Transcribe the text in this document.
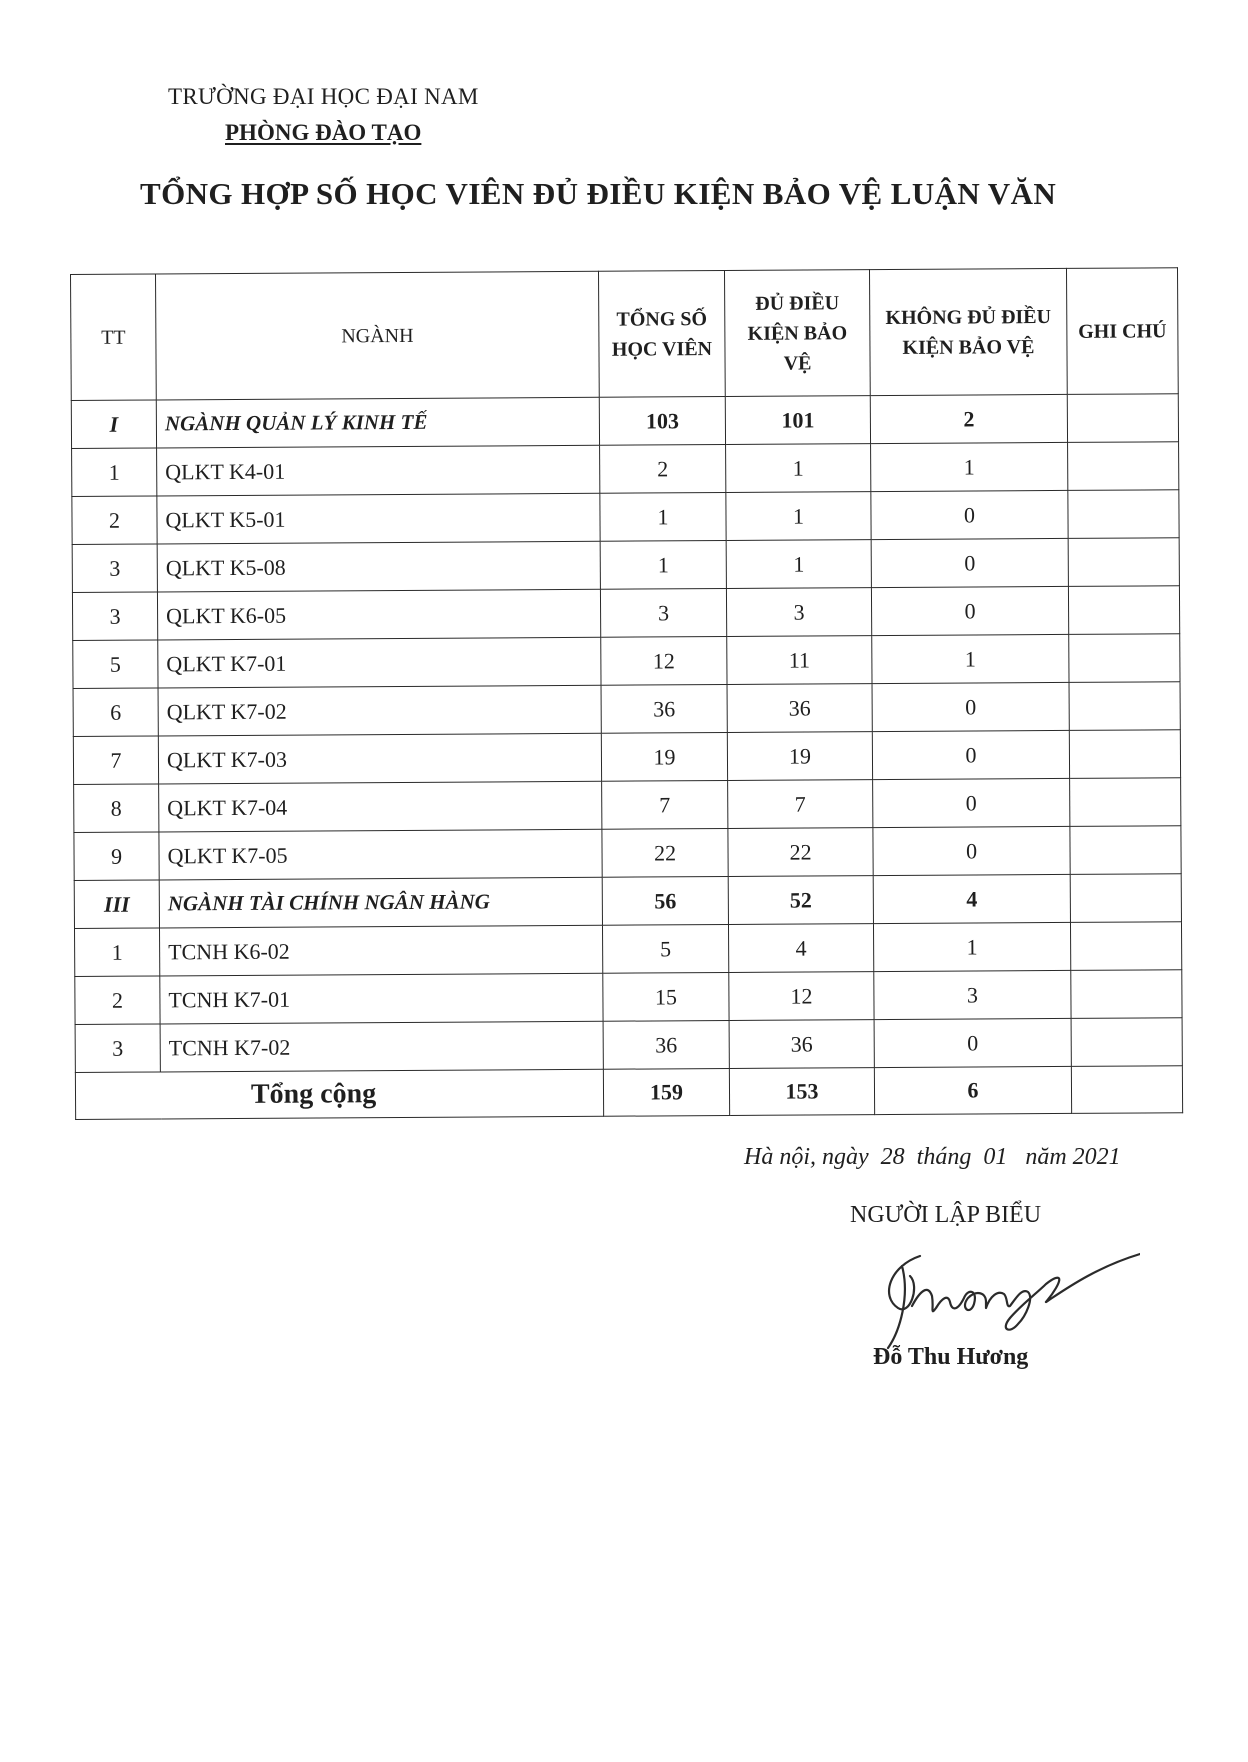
TRƯỜNG ĐẠI HỌC ĐẠI NAM
PHÒNG ĐÀO TẠO
TỔNG HỢP SỐ HỌC VIÊN ĐỦ ĐIỀU KIỆN BẢO VỆ LUẬN VĂN
TT	NGÀNH	TỔNG SỐ HỌC VIÊN	ĐỦ ĐIỀU KIỆN BẢO VỆ	KHÔNG ĐỦ ĐIỀU KIỆN BẢO VỆ	GHI CHÚ
I	NGÀNH QUẢN LÝ KINH TẾ	103	101	2	
1	QLKT K4-01	2	1	1	
2	QLKT K5-01	1	1	0	
3	QLKT K5-08	1	1	0	
3	QLKT K6-05	3	3	0	
5	QLKT K7-01	12	11	1	
6	QLKT K7-02	36	36	0	
7	QLKT K7-03	19	19	0	
8	QLKT K7-04	7	7	0	
9	QLKT K7-05	22	22	0	
III	NGÀNH TÀI CHÍNH NGÂN HÀNG	56	52	4	
1	TCNH K6-02	5	4	1	
2	TCNH K7-01	15	12	3	
3	TCNH K7-02	36	36	0	
Tổng cộng		159	153	6	
Hà nội, ngày  28  tháng  01   năm 2021
NGƯỜI LẬP BIỂU
Đỗ Thu Hương
